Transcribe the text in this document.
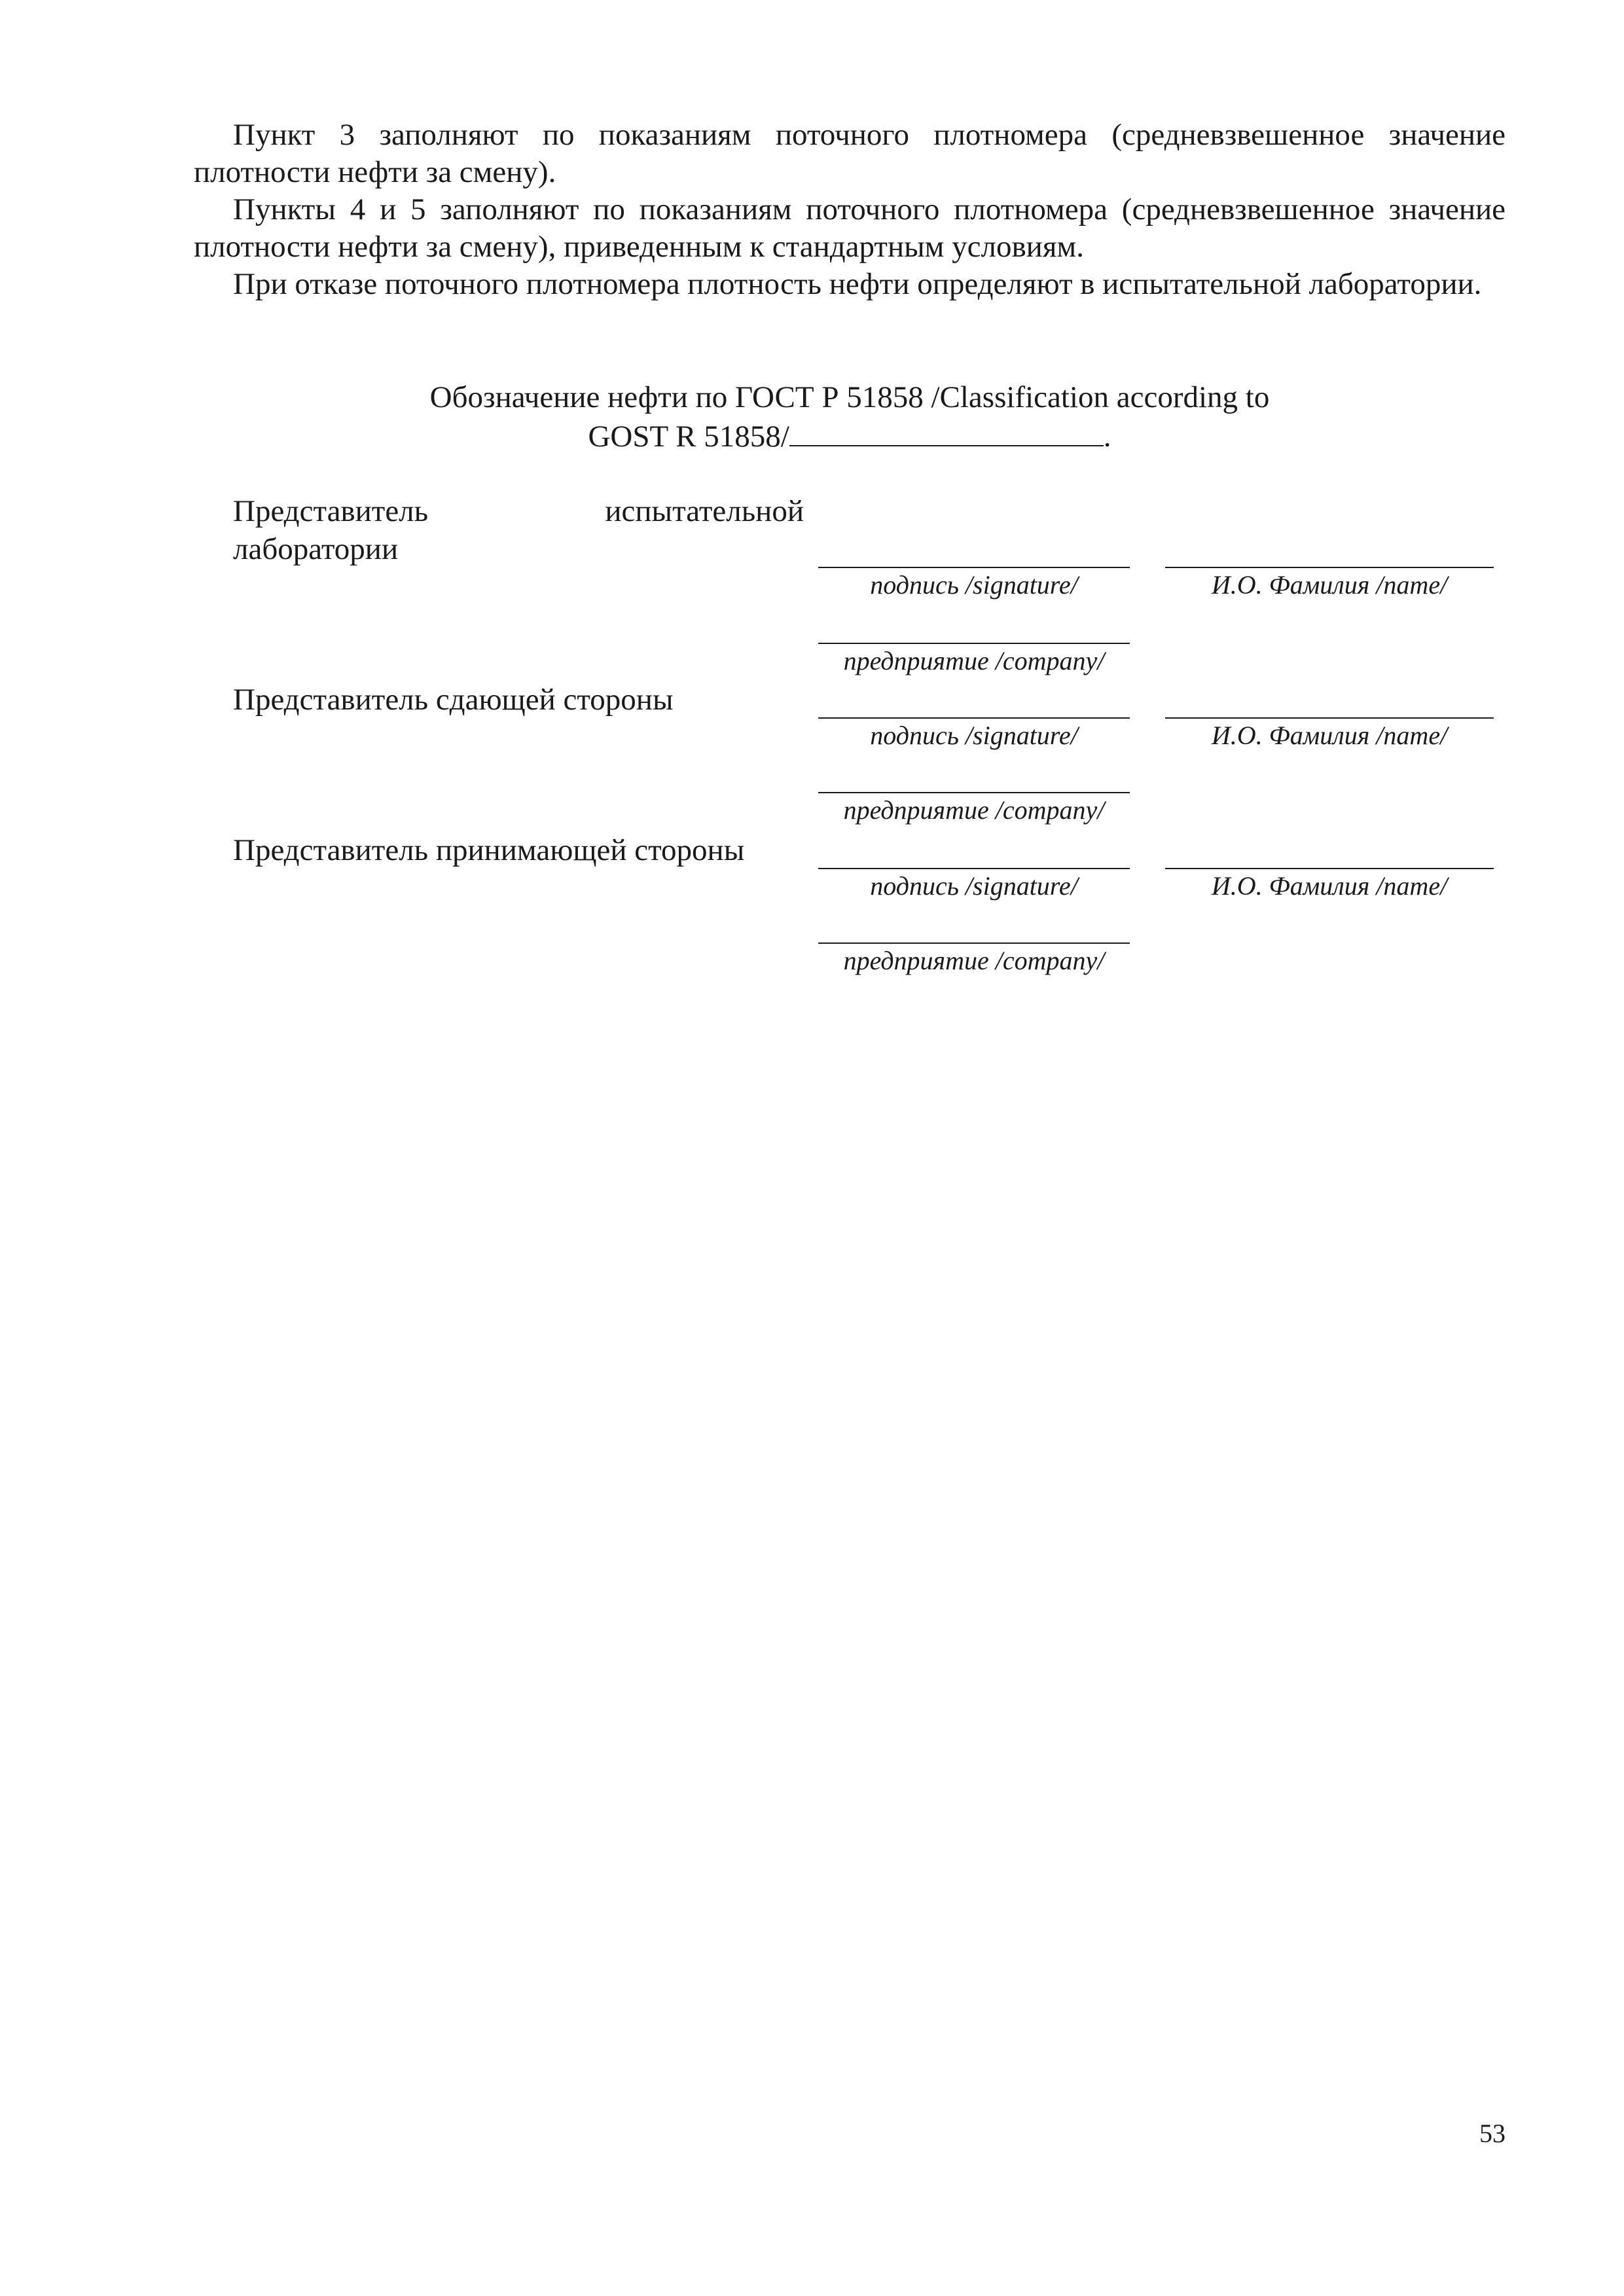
Пункт 3 заполняют по показаниям поточного плотномера (средневзвешенное значение плотности нефти за смену).

Пункты 4 и 5 заполняют по показаниям поточного плотномера (средневзвешенное значение плотности нефти за смену), приведенным к стандартным условиям.

При отказе поточного плотномера плотность нефти определяют в испытательной лаборатории.

Обозначение нефти по ГОСТ Р 51858 /Classification according to
GOST R 51858/	.
Представитель	испытательной
лаборатории
подпись /signature/	И.О. Фамилия /name/
предприятие /company/
Представитель сдающей стороны
подпись /signature/	И.О. Фамилия /name/
предприятие /company/
Представитель принимающей стороны
подпись /signature/	И.О. Фамилия /name/
предприятие /company/
53
